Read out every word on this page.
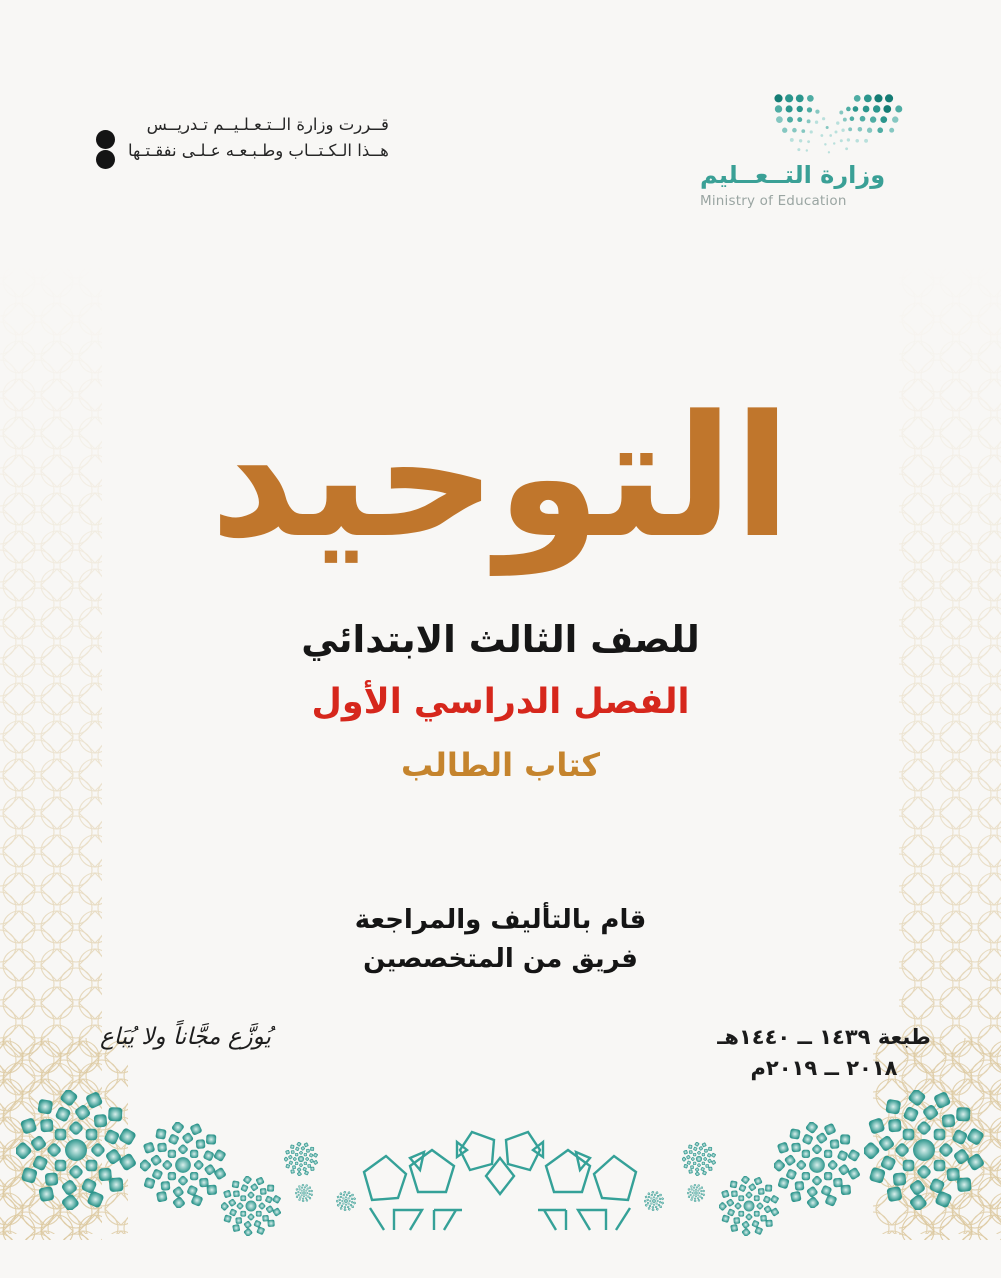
قــررت وزارة الــتـعـلـيــم تـدريــس
هــذا الـكـتــاب وطـبـعـه عـلـى نفقـتـها
وزارة التــعــليم
Ministry of Education
التوحيد
للصف الثالث الابتدائي
الفصل الدراسي الأول
كتاب الطالب
قام بالتأليف والمراجعة
فريق من المتخصصين
يُوزَّع مجَّاناً ولا يُبَاع	طبعة ١٤٣٩ ــ ١٤٤٠هـ
٢٠١٨ ــ ٢٠١٩م
